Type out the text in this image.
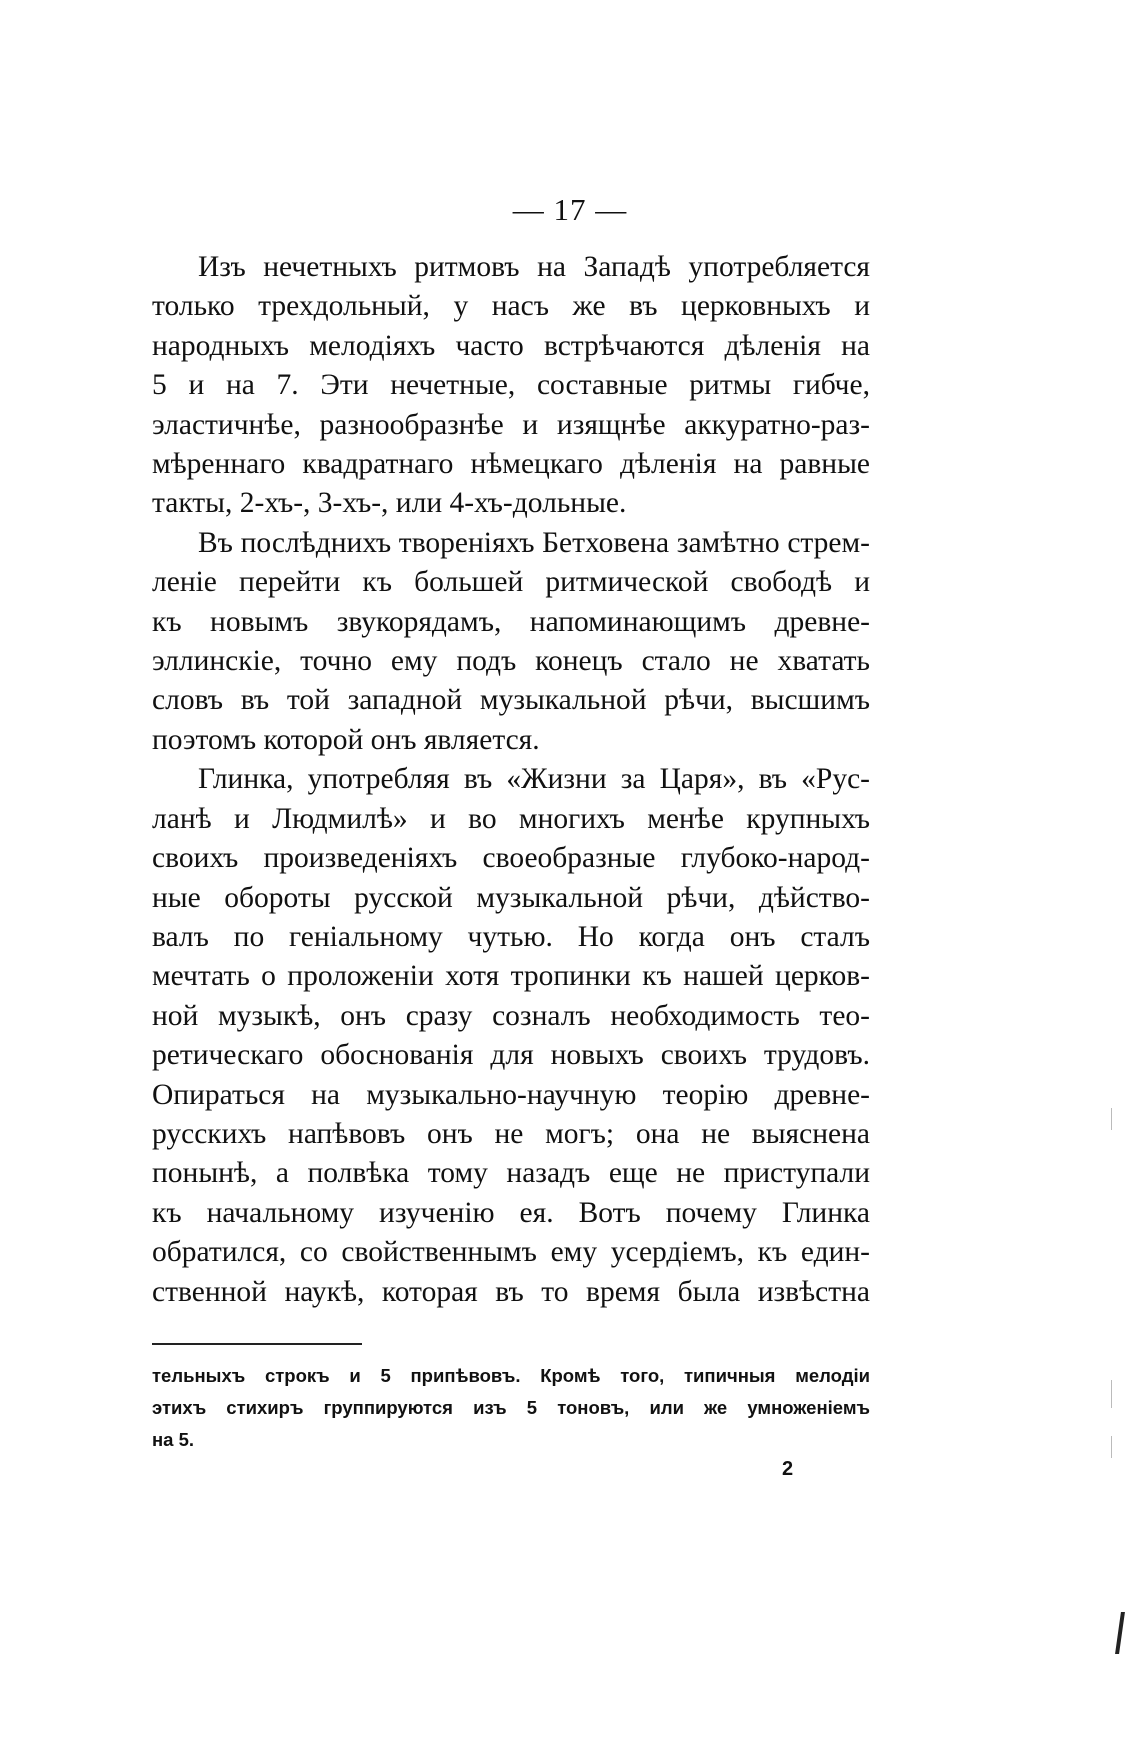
— 17 —
Изъ нечетныхъ ритмовъ на Западѣ употребляется
только трехдольный, у насъ же въ церковныхъ и
народныхъ мелодіяхъ часто встрѣчаются дѣленія на
5 и на 7. Эти нечетные, составные ритмы гибче,
эластичнѣе, разнообразнѣе и изящнѣе аккуратно-раз-
мѣреннаго квадратнаго нѣмецкаго дѣленія на равные
такты, 2-хъ-, 3-хъ-, или 4-хъ-дольные.
Въ послѣднихъ твореніяхъ Бетховена замѣтно стрем-
леніе перейти къ большей ритмической свободѣ и
къ новымъ звукорядамъ, напоминающимъ древне-
эллинскіе, точно ему подъ конецъ стало не хватать
словъ въ той западной музыкальной рѣчи, высшимъ
поэтомъ которой онъ является.
Глинка, употребляя въ «Жизни за Царя», въ «Рус-
ланѣ и Людмилѣ» и во многихъ менѣе крупныхъ
своихъ произведеніяхъ своеобразные глубоко-народ-
ные обороты русской музыкальной рѣчи, дѣйство-
валъ по геніальному чутью. Но когда онъ сталъ
мечтать о проложеніи хотя тропинки къ нашей церков-
ной музыкѣ, онъ сразу созналъ необходимость тео-
ретическаго обоснованія для новыхъ своихъ трудовъ.
Опираться на музыкально-научную теорію древне-
русскихъ напѣвовъ онъ не могъ; она не выяснена
понынѣ, а полвѣка тому назадъ еще не приступали
къ начальному изученію ея. Вотъ почему Глинка
обратился, со свойственнымъ ему усердіемъ, къ един-
ственной наукѣ, которая въ то время была извѣстна
тельныхъ строкъ и 5 припѣвовъ. Кромѣ того, типичныя мелодіи
этихъ стихиръ группируются изъ 5 тоновъ, или же умноженіемъ
на 5.
2
